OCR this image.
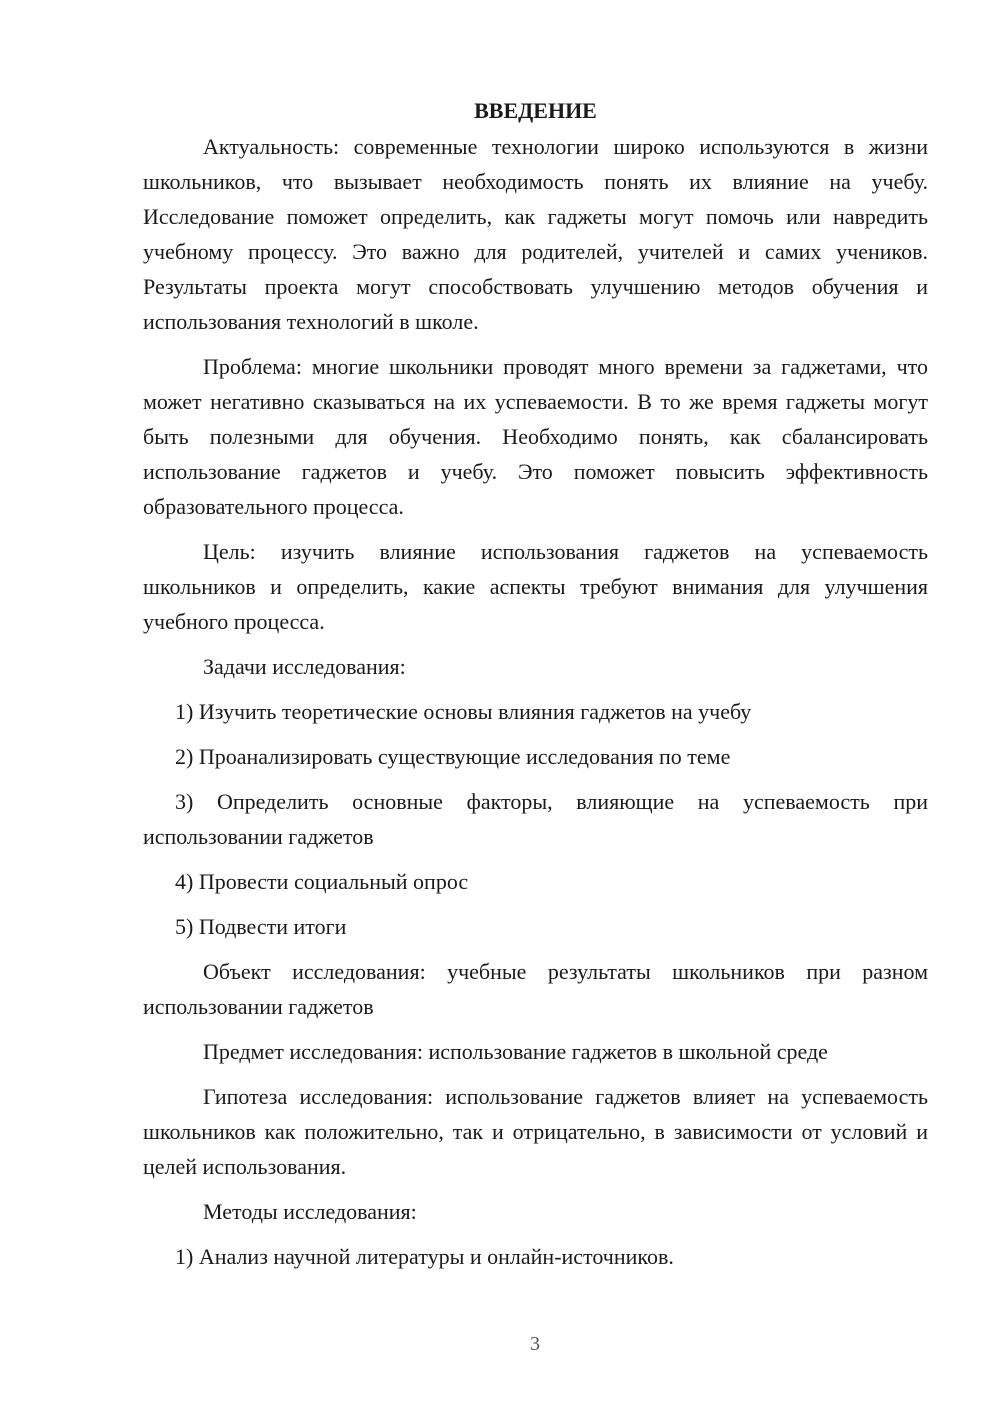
ВВЕДЕНИЕ

Актуальность: современные технологии широко используются в жизни школьников, что вызывает необходимость понять их влияние на учебу. Исследование поможет определить, как гаджеты могут помочь или навредить учебному процессу. Это важно для родителей, учителей и самих учеников. Результаты проекта могут способствовать улучшению методов обучения и использования технологий в школе.

Проблема: многие школьники проводят много времени за гаджетами, что может негативно сказываться на их успеваемости. В то же время гаджеты могут быть полезными для обучения. Необходимо понять, как сбалансировать использование гаджетов и учебу. Это поможет повысить эффективность образовательного процесса.

Цель: изучить влияние использования гаджетов на успеваемость школьников и определить, какие аспекты требуют внимания для улучшения учебного процесса.

Задачи исследования:

1) Изучить теоретические основы влияния гаджетов на учебу

2) Проанализировать существующие исследования по теме

3) Определить основные факторы, влияющие на успеваемость при использовании гаджетов

4) Провести социальный опрос

5) Подвести итоги

Объект исследования: учебные результаты школьников при разном использовании гаджетов

Предмет исследования: использование гаджетов в школьной среде

Гипотеза исследования: использование гаджетов влияет на успеваемость школьников как положительно, так и отрицательно, в зависимости от условий и целей использования.

Методы исследования:

1) Анализ научной литературы и онлайн-источников.

3
